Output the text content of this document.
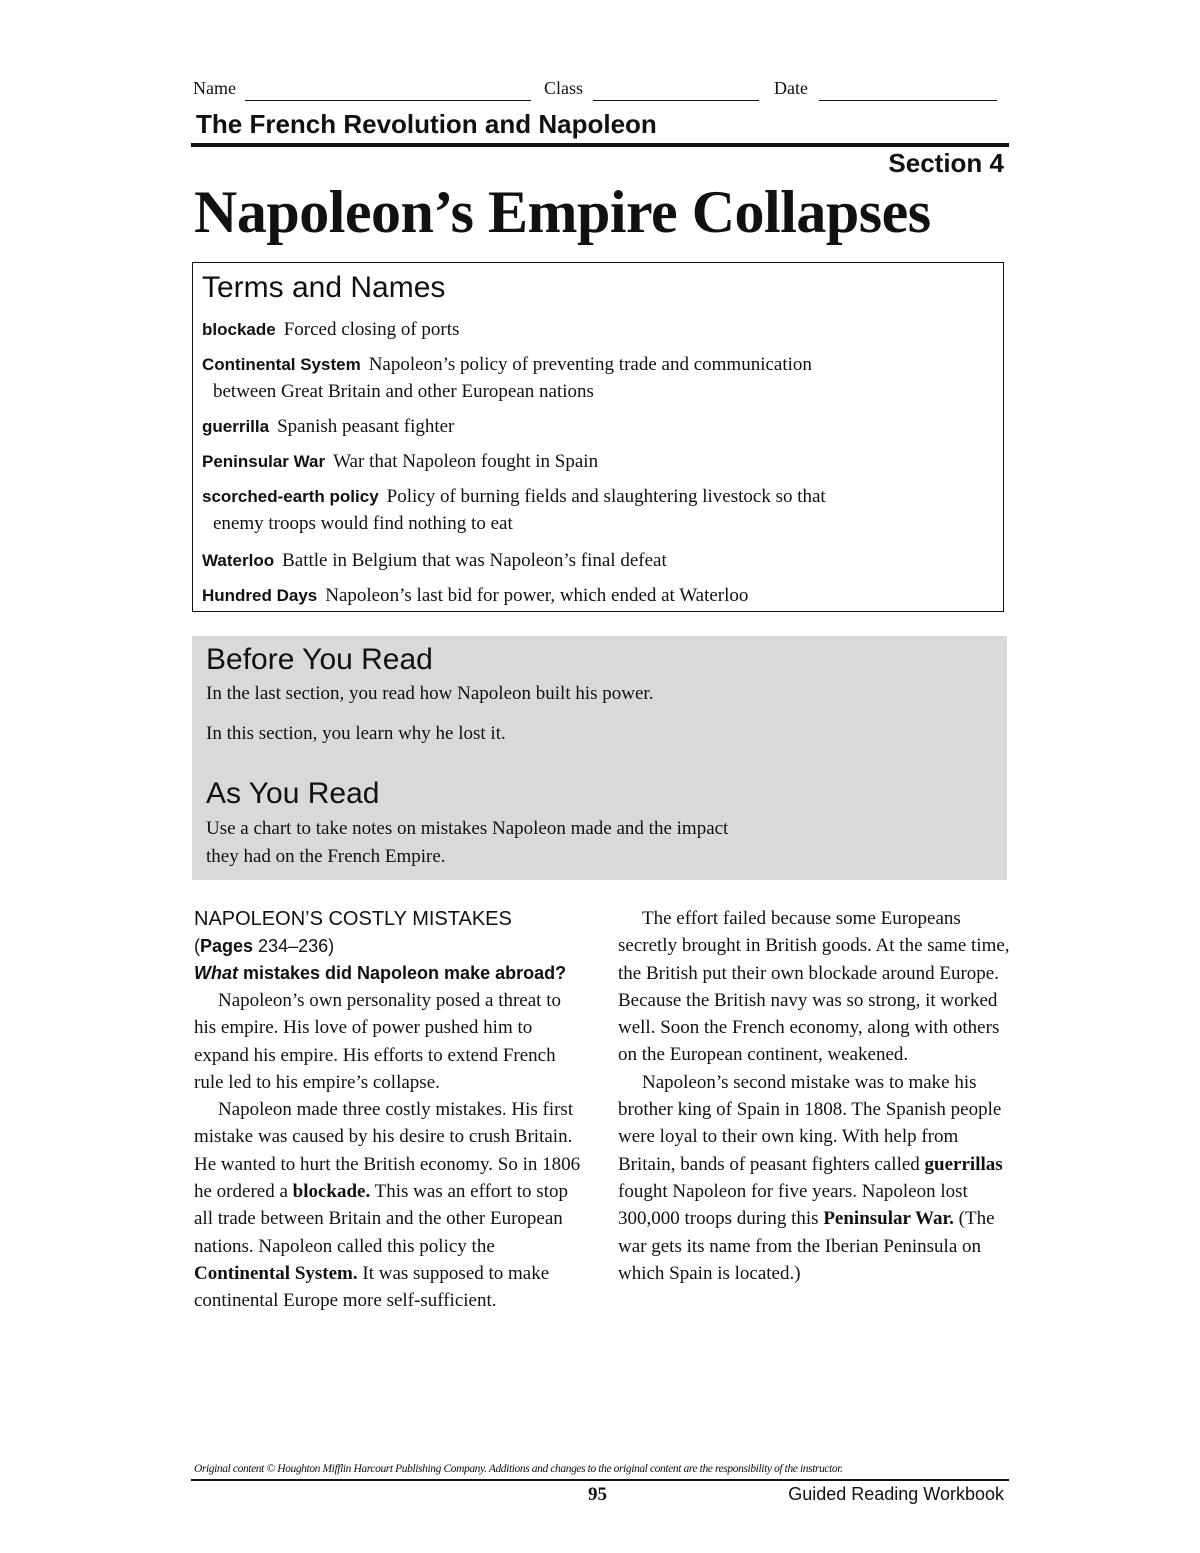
Name	Class	Date
The French Revolution and Napoleon
Section 4
Napoleon’s Empire Collapses
Terms and Names
blockade Forced closing of ports
Continental System Napoleon’s policy of preventing trade and communication
between Great Britain and other European nations
guerrilla Spanish peasant fighter
Peninsular War War that Napoleon fought in Spain
scorched-earth policy Policy of burning fields and slaughtering livestock so that
enemy troops would find nothing to eat
Waterloo Battle in Belgium that was Napoleon’s final defeat
Hundred Days Napoleon’s last bid for power, which ended at Waterloo
Before You Read
In the last section, you read how Napoleon built his power.
In this section, you learn why he lost it.
As You Read
Use a chart to take notes on mistakes Napoleon made and the impact
they had on the French Empire.
NAPOLEON’S COSTLY MISTAKES
(Pages 234–236)
What mistakes did Napoleon make abroad?

Napoleon’s own personality posed a threat to his empire. His love of power pushed him to expand his empire. His efforts to extend French rule led to his empire’s collapse.

Napoleon made three costly mistakes. His first mistake was caused by his desire to crush Britain. He wanted to hurt the British economy. So in 1806 he ordered a blockade. This was an effort to stop all trade between Britain and the other European nations. Napoleon called this policy the Continental System. It was supposed to make continental Europe more self-sufficient.

The effort failed because some Europeans secretly brought in British goods. At the same time, the British put their own blockade around Europe. Because the British navy was so strong, it worked well. Soon the French economy, along with others on the European continent, weakened.

Napoleon’s second mistake was to make his brother king of Spain in 1808. The Spanish people were loyal to their own king. With help from Britain, bands of peasant fighters called guerrillas fought Napoleon for five years. Napoleon lost 300,000 troops during this Peninsular War. (The war gets its name from the Iberian Peninsula on which Spain is located.)

Original content © Houghton Mifflin Harcourt Publishing Company. Additions and changes to the original content are the responsibility of the instructor.
95	Guided Reading Workbook
